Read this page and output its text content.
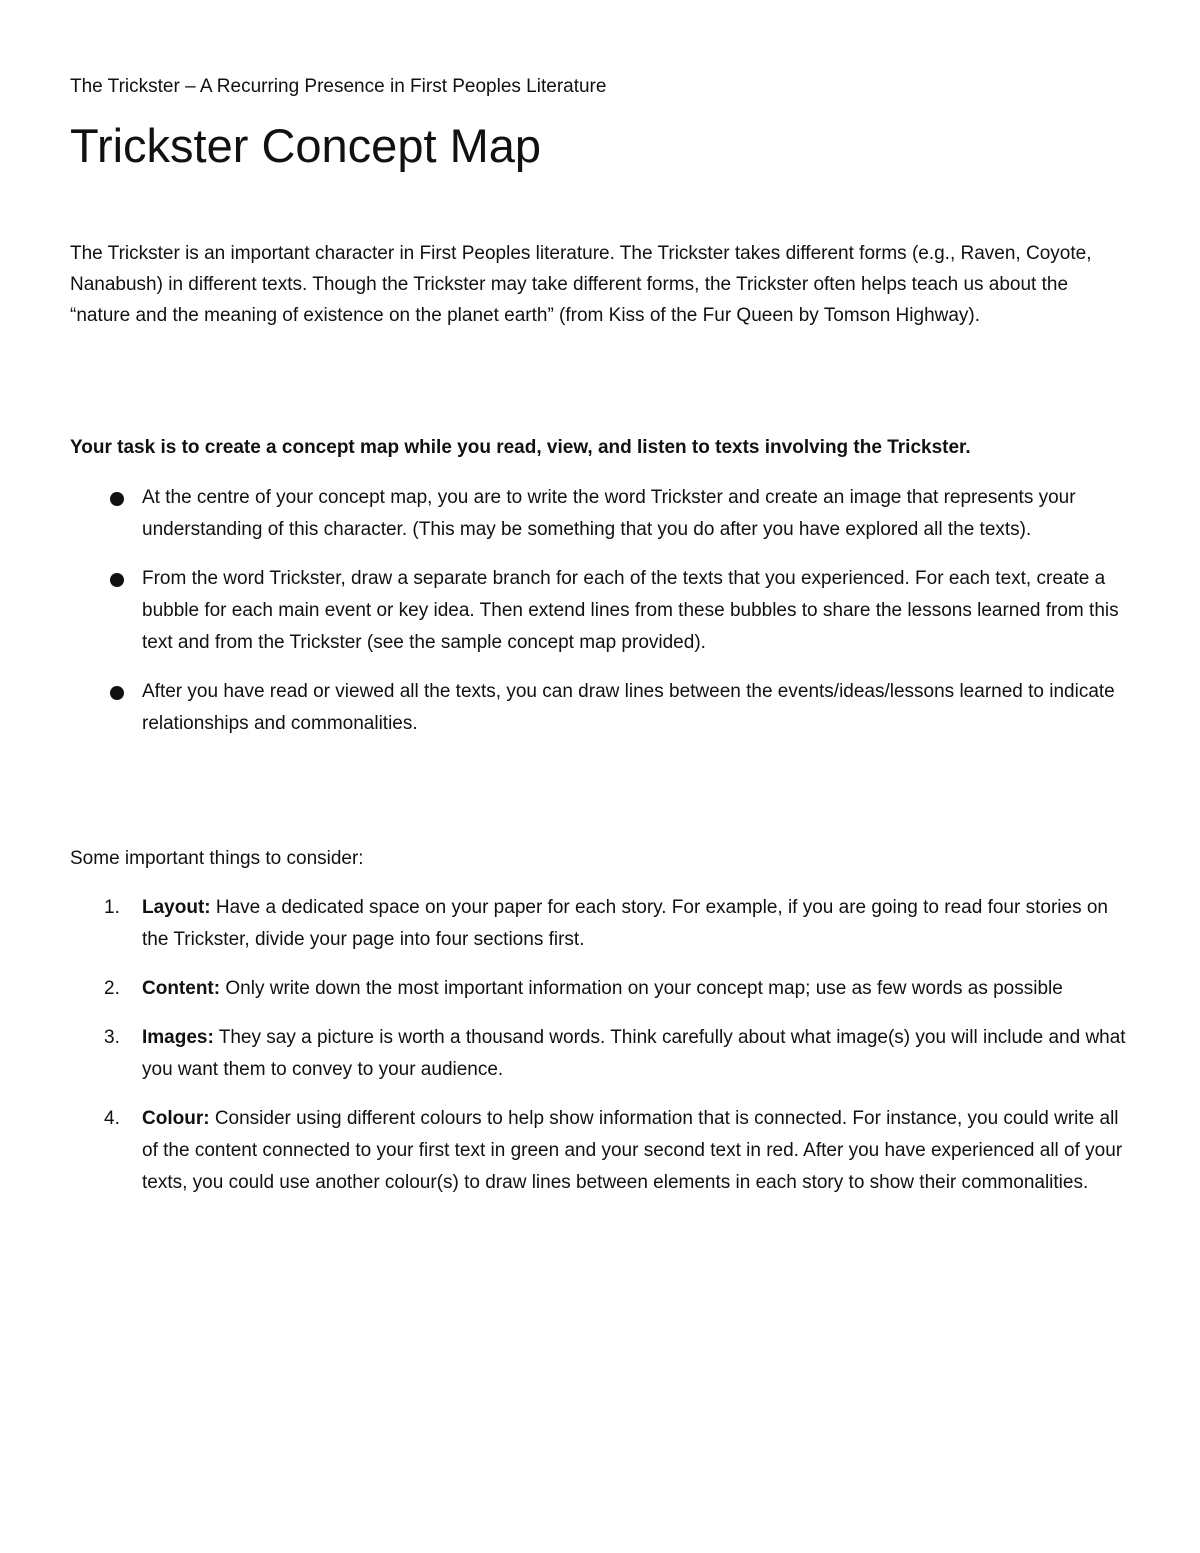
The Trickster – A Recurring Presence in First Peoples Literature
Trickster Concept Map

The Trickster is an important character in First Peoples literature. The Trickster takes different forms (e.g., Raven, Coyote, Nanabush) in different texts. Though the Trickster may take different forms, the Trickster often helps teach us about the “nature and the meaning of existence on the planet earth” (from Kiss of the Fur Queen by Tomson Highway).

Your task is to create a concept map while you read, view, and listen to texts involving the Trickster.

At the centre of your concept map, you are to write the word Trickster and create an image that represents your understanding of this character. (This may be something that you do after you have explored all the texts).
From the word Trickster, draw a separate branch for each of the texts that you experienced. For each text, create a bubble for each main event or key idea. Then extend lines from these bubbles to share the lessons learned from this text and from the Trickster (see the sample concept map provided).
After you have read or viewed all the texts, you can draw lines between the events/ideas/lessons learned to indicate relationships and commonalities.

Some important things to consider:

1.	Layout: Have a dedicated space on your paper for each story. For example, if you are going to read four stories on the Trickster, divide your page into four sections first.
2.	Content: Only write down the most important information on your concept map; use as few words as possible
3.	Images: They say a picture is worth a thousand words. Think carefully about what image(s) you will include and what you want them to convey to your audience.
4.	Colour: Consider using different colours to help show information that is connected. For instance, you could write all of the content connected to your first text in green and your second text in red. After you have experienced all of your texts, you could use another colour(s) to draw lines between elements in each story to show their commonalities.
